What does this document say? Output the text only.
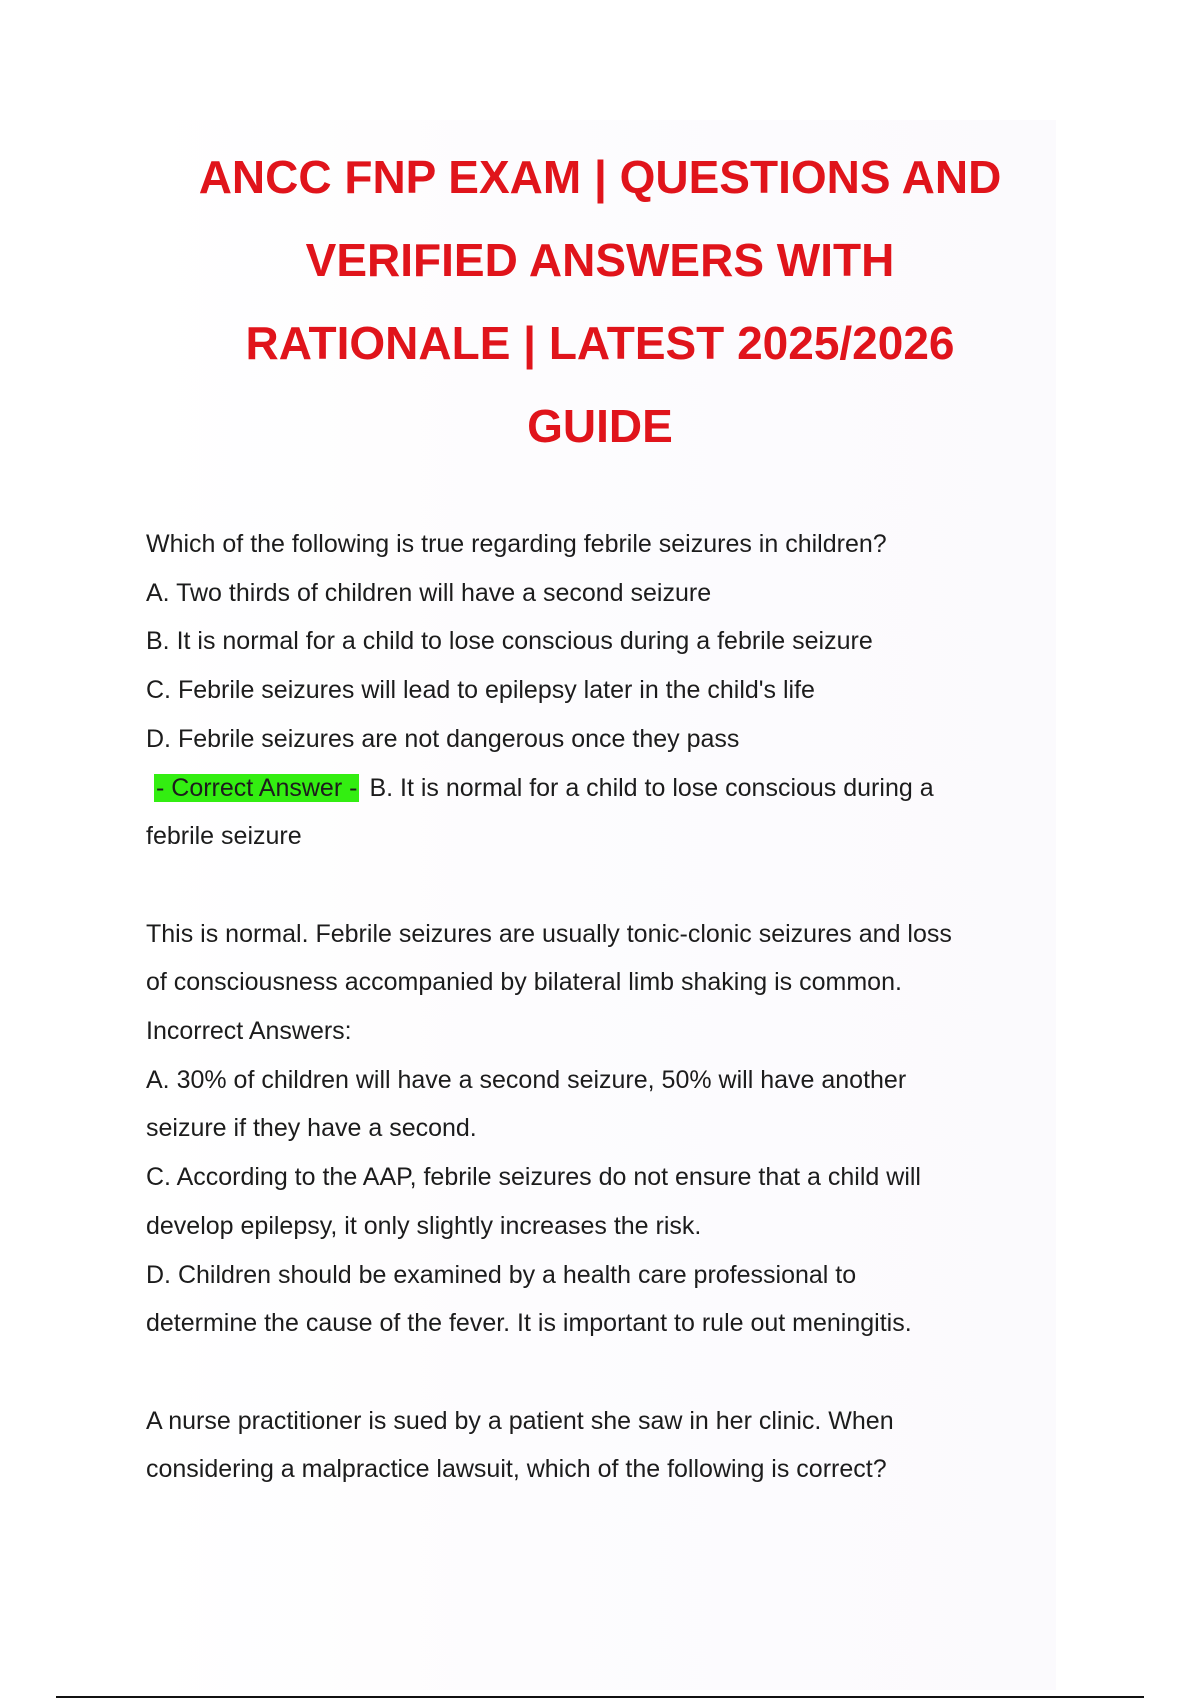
ANCC FNP EXAM | QUESTIONS AND
VERIFIED ANSWERS WITH
RATIONALE | LATEST 2025/2026
GUIDE
Which of the following is true regarding febrile seizures in children?
A. Two thirds of children will have a second seizure
B. It is normal for a child to lose conscious during a febrile seizure
C. Febrile seizures will lead to epilepsy later in the child's life
D. Febrile seizures are not dangerous once they pass
- Correct Answer - B. It is normal for a child to lose conscious during a
febrile seizure
This is normal. Febrile seizures are usually tonic-clonic seizures and loss
of consciousness accompanied by bilateral limb shaking is common.
Incorrect Answers:
A. 30% of children will have a second seizure, 50% will have another
seizure if they have a second.
C. According to the AAP, febrile seizures do not ensure that a child will
develop epilepsy, it only slightly increases the risk.
D. Children should be examined by a health care professional to
determine the cause of the fever. It is important to rule out meningitis.
A nurse practitioner is sued by a patient she saw in her clinic. When
considering a malpractice lawsuit, which of the following is correct?
